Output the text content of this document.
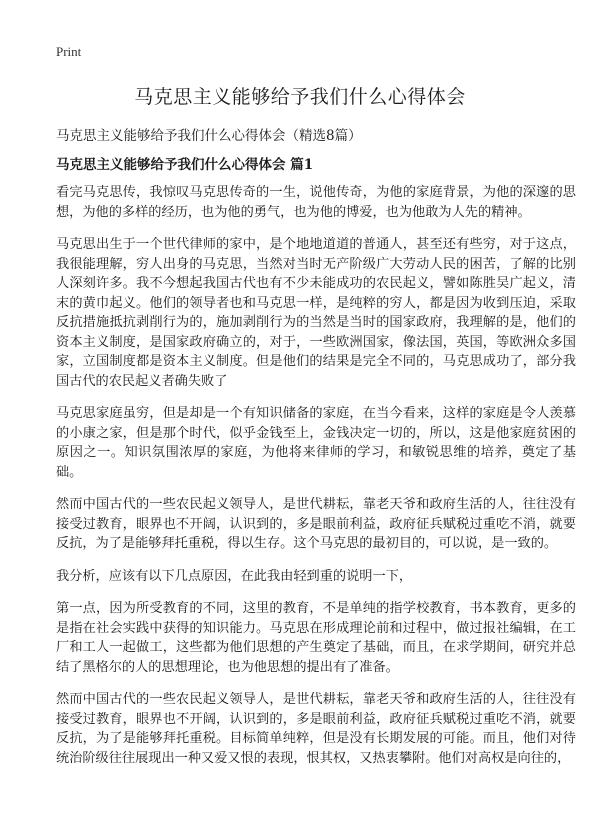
Print
马克思主义能够给予我们什么心得体会

马克思主义能够给予我们什么心得体会（精选8篇）

马克思主义能够给予我们什么心得体会 篇1

看完马克思传，我惊叹马克思传奇的一生，说他传奇，为他的家庭背景，为他的深邃的思想，为他的多样的经历，也为他的勇气，也为他的博爱，也为他敢为人先的精神。

马克思出生于一个世代律师的家中，是个地地道道的普通人，甚至还有些穷，对于这点，我很能理解，穷人出身的马克思，当然对当时无产阶级广大劳动人民的困苦，了解的比别人深刻许多。我不今想起我国古代也有不少未能成功的农民起义，譬如陈胜吴广起义，清末的黄巾起义。他们的领导者也和马克思一样，是纯粹的穷人，都是因为收到压迫，采取反抗措施抵抗剥削行为的，施加剥削行为的当然是当时的国家政府，我理解的是，他们的资本主义制度，是国家政府确立的，对于，一些欧洲国家，像法国，英国，等欧洲众多国家，立国制度都是资本主义制度。但是他们的结果是完全不同的，马克思成功了，部分我国古代的农民起义者确失败了

马克思家庭虽穷，但是却是一个有知识储备的家庭，在当今看来，这样的家庭是令人羡慕的小康之家，但是那个时代，似乎金钱至上，金钱决定一切的，所以，这是他家庭贫困的原因之一。知识氛围浓厚的家庭，为他将来律师的学习，和敏锐思维的培养，奠定了基础。

然而中国古代的一些农民起义领导人，是世代耕耘，靠老天爷和政府生活的人，往往没有接受过教育，眼界也不开阔，认识到的，多是眼前利益，政府征兵赋税过重吃不消，就要反抗，为了是能够拜托重税，得以生存。这个马克思的最初目的，可以说，是一致的。

我分析，应该有以下几点原因，在此我由轻到重的说明一下，

第一点，因为所受教育的不同，这里的教育，不是单纯的指学校教育，书本教育，更多的是指在社会实践中获得的知识能力。马克思在形成理论前和过程中，做过报社编辑，在工厂和工人一起做工，这些都为他们思想的产生奠定了基础，而且，在求学期间，研究并总结了黑格尔的人的思想理论，也为他思想的提出有了准备。

然而中国古代的一些农民起义领导人，是世代耕耘，靠老天爷和政府生活的人，往往没有接受过教育，眼界也不开阔，认识到的，多是眼前利益，政府征兵赋税过重吃不消，就要反抗，为了是能够拜托重税。目标简单纯粹，但是没有长期发展的可能。而且，他们对待统治阶级往往展现出一种又爱又恨的表现，恨其权，又热衷攀附。他们对高权是向往的，
